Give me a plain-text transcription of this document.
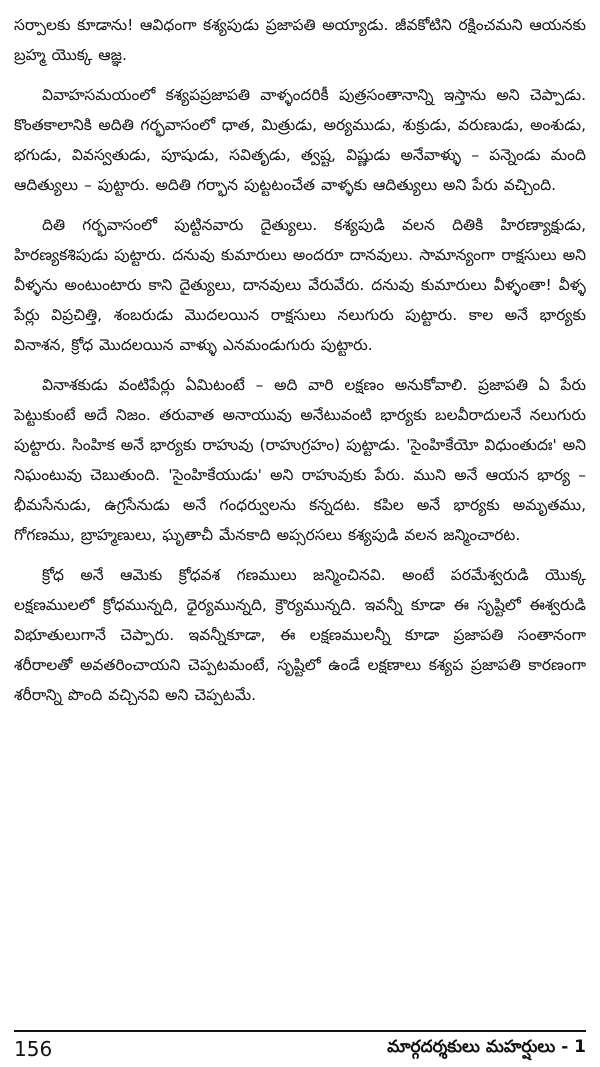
సర్పాలకు కూడాను! ఆవిధంగా కశ్యపుడు ప్రజాపతి అయ్యాడు. జీవకోటిని రక్షించమని ఆయనకు బ్రహ్మ యొక్క ఆజ్ఞ.

వివాహసమయంలో కశ్యపప్రజాపతి వాళ్ళందరికీ పుత్రసంతానాన్ని ఇస్తాను అని చెప్పాడు. కొంతకాలానికి అదితి గర్భవాసంలో ధాత, మిత్రుడు, అర్యముడు, శుక్రుడు, వరుణుడు, అంశుడు, భగుడు, వివస్వతుడు, పూషుడు, సవితృడు, త్వష్ట, విష్ణుడు అనేవాళ్ళు – పన్నెండు మంది ఆదిత్యులు – పుట్టారు. అదితి గర్భాన పుట్టటంచేత వాళ్ళకు ఆదిత్యులు అని పేరు వచ్చింది.

దితి గర్భవాసంలో పుట్టినవారు దైత్యులు. కశ్యపుడి వలన దితికి హిరణ్యాక్షుడు, హిరణ్యకశిపుడు పుట్టారు. దనువు కుమారులు అందరూ దానవులు. సామాన్యంగా రాక్షసులు అని వీళ్ళను అంటుంటారు కాని దైత్యులు, దానవులు వేరువేరు. దనువు కుమారులు వీళ్ళంతా! వీళ్ళ పేర్లు విప్రచిత్తి, శంబరుడు మొదలయిన రాక్షసులు నలుగురు పుట్టారు. కాల అనే భార్యకు వినాశన, క్రోధ మొదలయిన వాళ్ళు ఎనమండుగురు పుట్టారు.

వినాశకుడు వంటిపేర్లు ఏమిటంటే – అది వారి లక్షణం అనుకోవాలి. ప్రజాపతి ఏ పేరు పెట్టుకుంటే అదే నిజం. తరువాత అనాయువు అనేటువంటి భార్యకు బలవీరాదులనే నలుగురు పుట్టారు. సింహిక అనే భార్యకు రాహువు (రాహుగ్రహం) పుట్టాడు. 'సైంహికేయో విధుంతుదః' అని నిఘంటువు చెబుతుంది. 'సైంహికేయుడు' అని రాహువుకు పేరు. ముని అనే ఆయన భార్య – భీమసేనుడు, ఉగ్రసేనుడు అనే గంధర్వులను కన్నదట. కపిల అనే భార్యకు అమృతము, గోగణము, బ్రాహ్మణులు, ఘృతాచీ మేనకాది అప్సరసలు కశ్యపుడి వలన జన్మించారట.

క్రోధ అనే ఆమెకు క్రోధవశ గణములు జన్మించినవి. అంటే పరమేశ్వరుడి యొక్క లక్షణములలో క్రోధమున్నది, ధైర్యమున్నది, క్రౌర్యమున్నది. ఇవన్నీ కూడా ఈ సృష్టిలో ఈశ్వరుడి విభూతులుగానే చెప్పారు. ఇవన్నీకూడా, ఈ లక్షణములన్నీ కూడా ప్రజాపతి సంతానంగా శరీరాలతో అవతరించాయని చెప్పటమంటే, సృష్టిలో ఉండే లక్షణాలు కశ్యప ప్రజాపతి కారణంగా శరీరాన్ని పొంది వచ్చినవి అని చెప్పటమే.

156	మార్గదర్శకులు మహర్షులు - 1
